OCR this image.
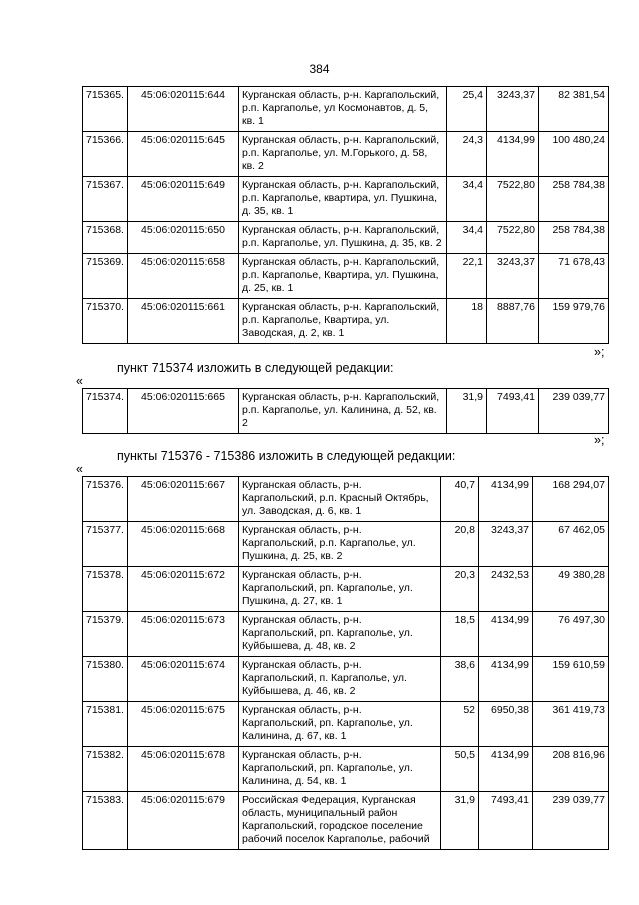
384
715365.	45:06:020115:644	Курганская область, р-н. Каргапольский, р.п. Каргаполье, ул Космонавтов, д. 5, кв. 1	25,4	3243,37	82 381,54
715366.	45:06:020115:645	Курганская область, р-н. Каргапольский, р.п. Каргаполье, ул. М.Горького, д. 58, кв. 2	24,3	4134,99	100 480,24
715367.	45:06:020115:649	Курганская область, р-н. Каргапольский, р.п. Каргаполье, квартира, ул. Пушкина, д. 35, кв. 1	34,4	7522,80	258 784,38
715368.	45:06:020115:650	Курганская область, р-н. Каргапольский, р.п. Каргаполье, ул. Пушкина, д. 35, кв. 2	34,4	7522,80	258 784,38
715369.	45:06:020115:658	Курганская область, р-н. Каргапольский, р.п. Каргаполье, Квартира, ул. Пушкина, д. 25, кв. 1	22,1	3243,37	71 678,43
715370.	45:06:020115:661	Курганская область, р-н. Каргапольский, р.п. Каргаполье, Квартира, ул. Заводская, д. 2, кв. 1	18	8887,76	159 979,76
»;
пункт 715374 изложить в следующей редакции:
«
715374.	45:06:020115:665	Курганская область, р-н. Каргапольский, р.п. Каргаполье, ул. Калинина, д. 52, кв. 2	31,9	7493,41	239 039,77
»;
пункты 715376 - 715386 изложить в следующей редакции:
«
715376.	45:06:020115:667	Курганская область, р-н. Каргапольский, р.п. Красный Октябрь, ул. Заводская, д. 6, кв. 1	40,7	4134,99	168 294,07
715377.	45:06:020115:668	Курганская область, р-н. Каргапольский, р.п. Каргаполье, ул. Пушкина, д. 25, кв. 2	20,8	3243,37	67 462,05
715378.	45:06:020115:672	Курганская область, р-н. Каргапольский, рп. Каргаполье, ул. Пушкина, д. 27, кв. 1	20,3	2432,53	49 380,28
715379.	45:06:020115:673	Курганская область, р-н. Каргапольский, рп. Каргаполье, ул. Куйбышева, д. 48, кв. 2	18,5	4134,99	76 497,30
715380.	45:06:020115:674	Курганская область, р-н. Каргапольский, п. Каргаполье, ул. Куйбышева, д. 46, кв. 2	38,6	4134,99	159 610,59
715381.	45:06:020115:675	Курганская область, р-н. Каргапольский, рп. Каргаполье, ул. Калинина, д. 67, кв. 1	52	6950,38	361 419,73
715382.	45:06:020115:678	Курганская область, р-н. Каргапольский, рп. Каргаполье, ул. Калинина, д. 54, кв. 1	50,5	4134,99	208 816,96
715383.	45:06:020115:679	Российская Федерация, Курганская область, муниципальный район Каргапольский, городское поселение рабочий поселок Каргаполье, рабочий	31,9	7493,41	239 039,77
